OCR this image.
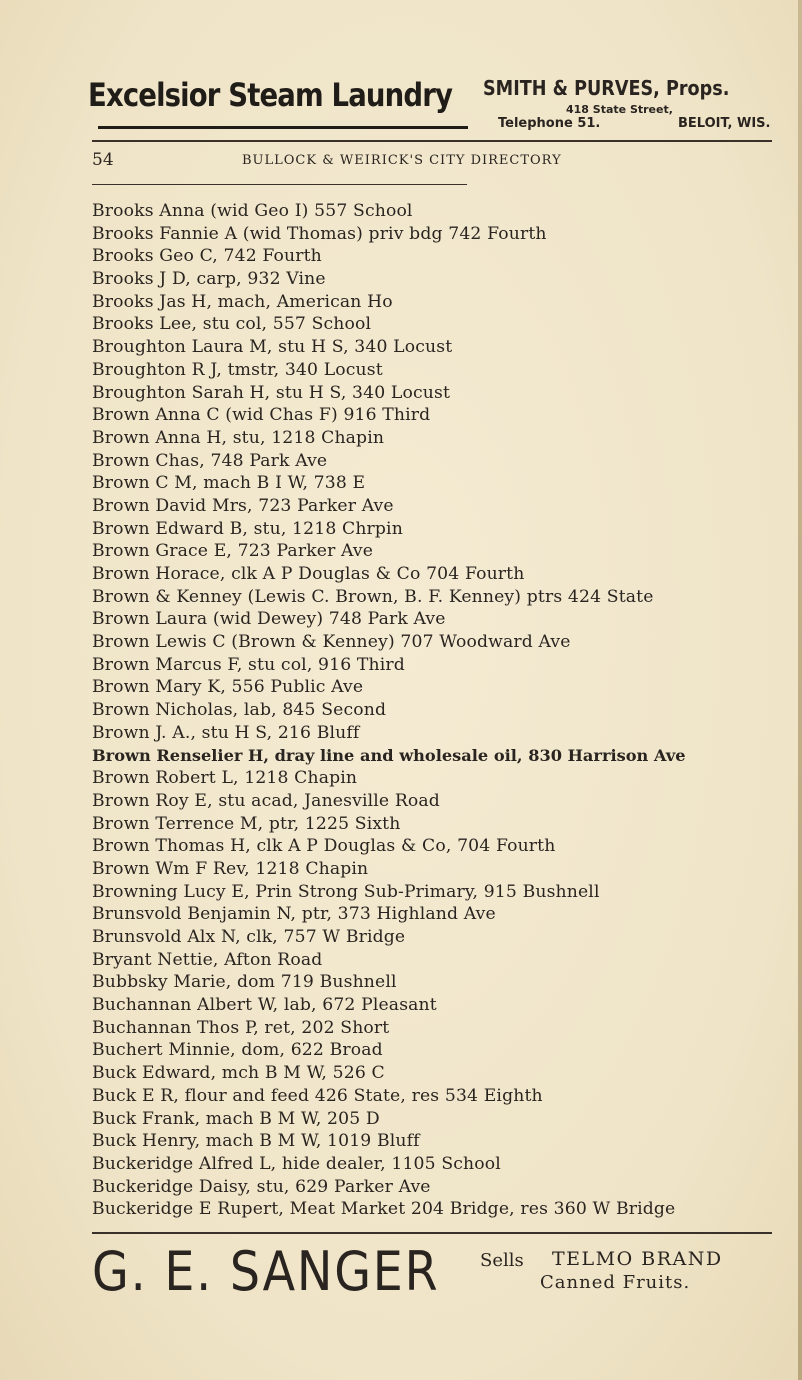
Excelsior Steam Laundry SMITH & PURVES, Props.
418 State Street,
Telephone 51.	BELOIT, WIS.
54	BULLOCK & WEIRICK'S CITY DIRECTORY
Brooks Anna (wid Geo I) 557 School
Brooks Fannie A (wid Thomas) priv bdg 742 Fourth
Brooks Geo C, 742 Fourth
Brooks J D, carp, 932 Vine
Brooks Jas H, mach, American Ho
Brooks Lee, stu col, 557 School
Broughton Laura M, stu H S, 340 Locust
Broughton R J, tmstr, 340 Locust
Broughton Sarah H, stu H S, 340 Locust
Brown Anna C (wid Chas F) 916 Third
Brown Anna H, stu, 1218 Chapin
Brown Chas, 748 Park Ave
Brown C M, mach B I W, 738 E
Brown David Mrs, 723 Parker Ave
Brown Edward B, stu, 1218 Chrpin
Brown Grace E, 723 Parker Ave
Brown Horace, clk A P Douglas & Co 704 Fourth
Brown & Kenney (Lewis C. Brown, B. F. Kenney) ptrs 424 State
Brown Laura (wid Dewey) 748 Park Ave
Brown Lewis C (Brown & Kenney) 707 Woodward Ave
Brown Marcus F, stu col, 916 Third
Brown Mary K, 556 Public Ave
Brown Nicholas, lab, 845 Second
Brown J. A., stu H S, 216 Bluff
Brown Renselier H, dray line and wholesale oil, 830 Harrison Ave
Brown Robert L, 1218 Chapin
Brown Roy E, stu acad, Janesville Road
Brown Terrence M, ptr, 1225 Sixth
Brown Thomas H, clk A P Douglas & Co, 704 Fourth
Brown Wm F Rev, 1218 Chapin
Browning Lucy E, Prin Strong Sub-Primary, 915 Bushnell
Brunsvold Benjamin N, ptr, 373 Highland Ave
Brunsvold Alx N, clk, 757 W Bridge
Bryant Nettie, Afton Road
Bubbsky Marie, dom 719 Bushnell
Buchannan Albert W, lab, 672 Pleasant
Buchannan Thos P, ret, 202 Short
Buchert Minnie, dom, 622 Broad
Buck Edward, mch B M W, 526 C
Buck E R, flour and feed 426 State, res 534 Eighth
Buck Frank, mach B M W, 205 D
Buck Henry, mach B M W, 1019 Bluff
Buckeridge Alfred L, hide dealer, 1105 School
Buckeridge Daisy, stu, 629 Parker Ave
Buckeridge E Rupert, Meat Market 204 Bridge, res 360 W Bridge
G. E. SANGER Sells TELMO BRAND
Canned Fruits.
